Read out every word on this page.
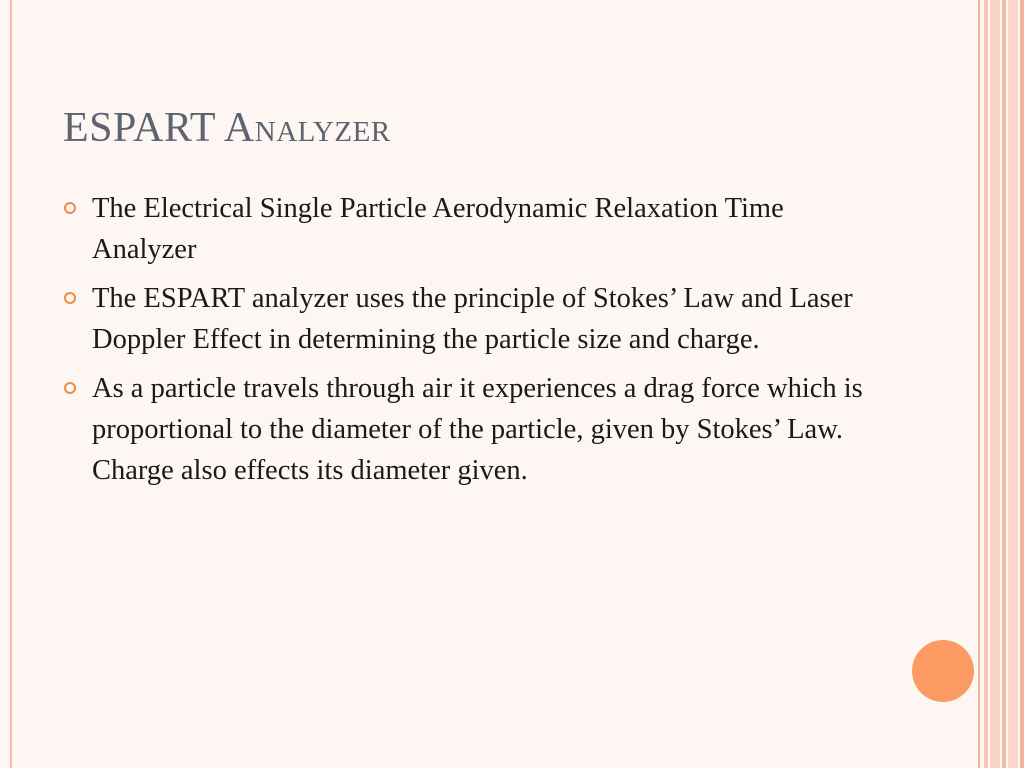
ESPART Analyzer
The Electrical Single Particle Aerodynamic Relaxation Time Analyzer
The ESPART analyzer uses the principle of Stokes’ Law and Laser Doppler Effect in determining the particle size and charge.
As a particle travels through air it experiences a drag force which is proportional to the diameter of the particle, given by Stokes’ Law. Charge also effects its diameter given.
